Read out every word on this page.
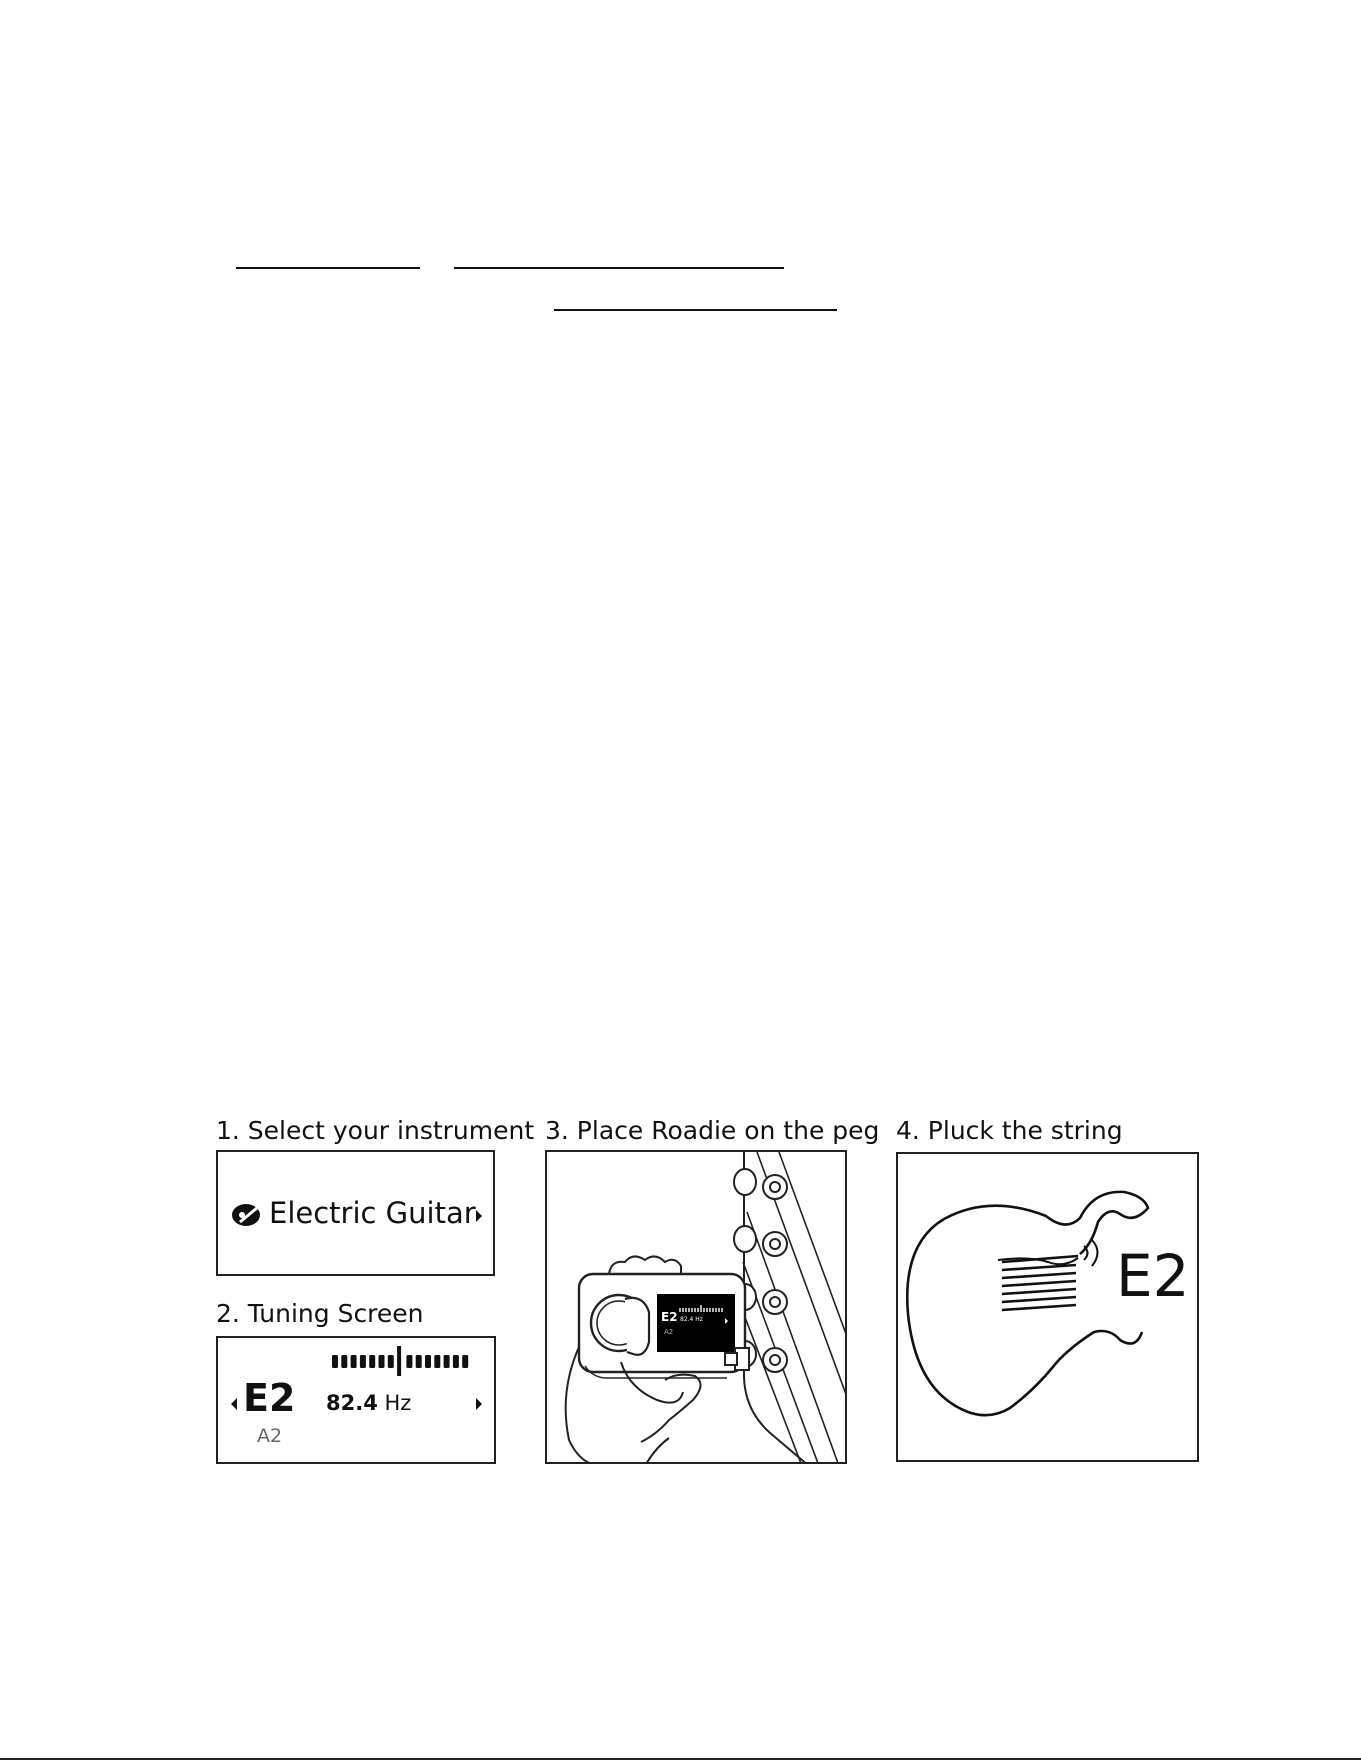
1. Select your instrument
Electric Guitar
2. Tuning Screen
E2
A2
82.4 Hz
3. Place Roadie on the peg
E2 82.4 Hz
A2
4. Pluck the string
E2
